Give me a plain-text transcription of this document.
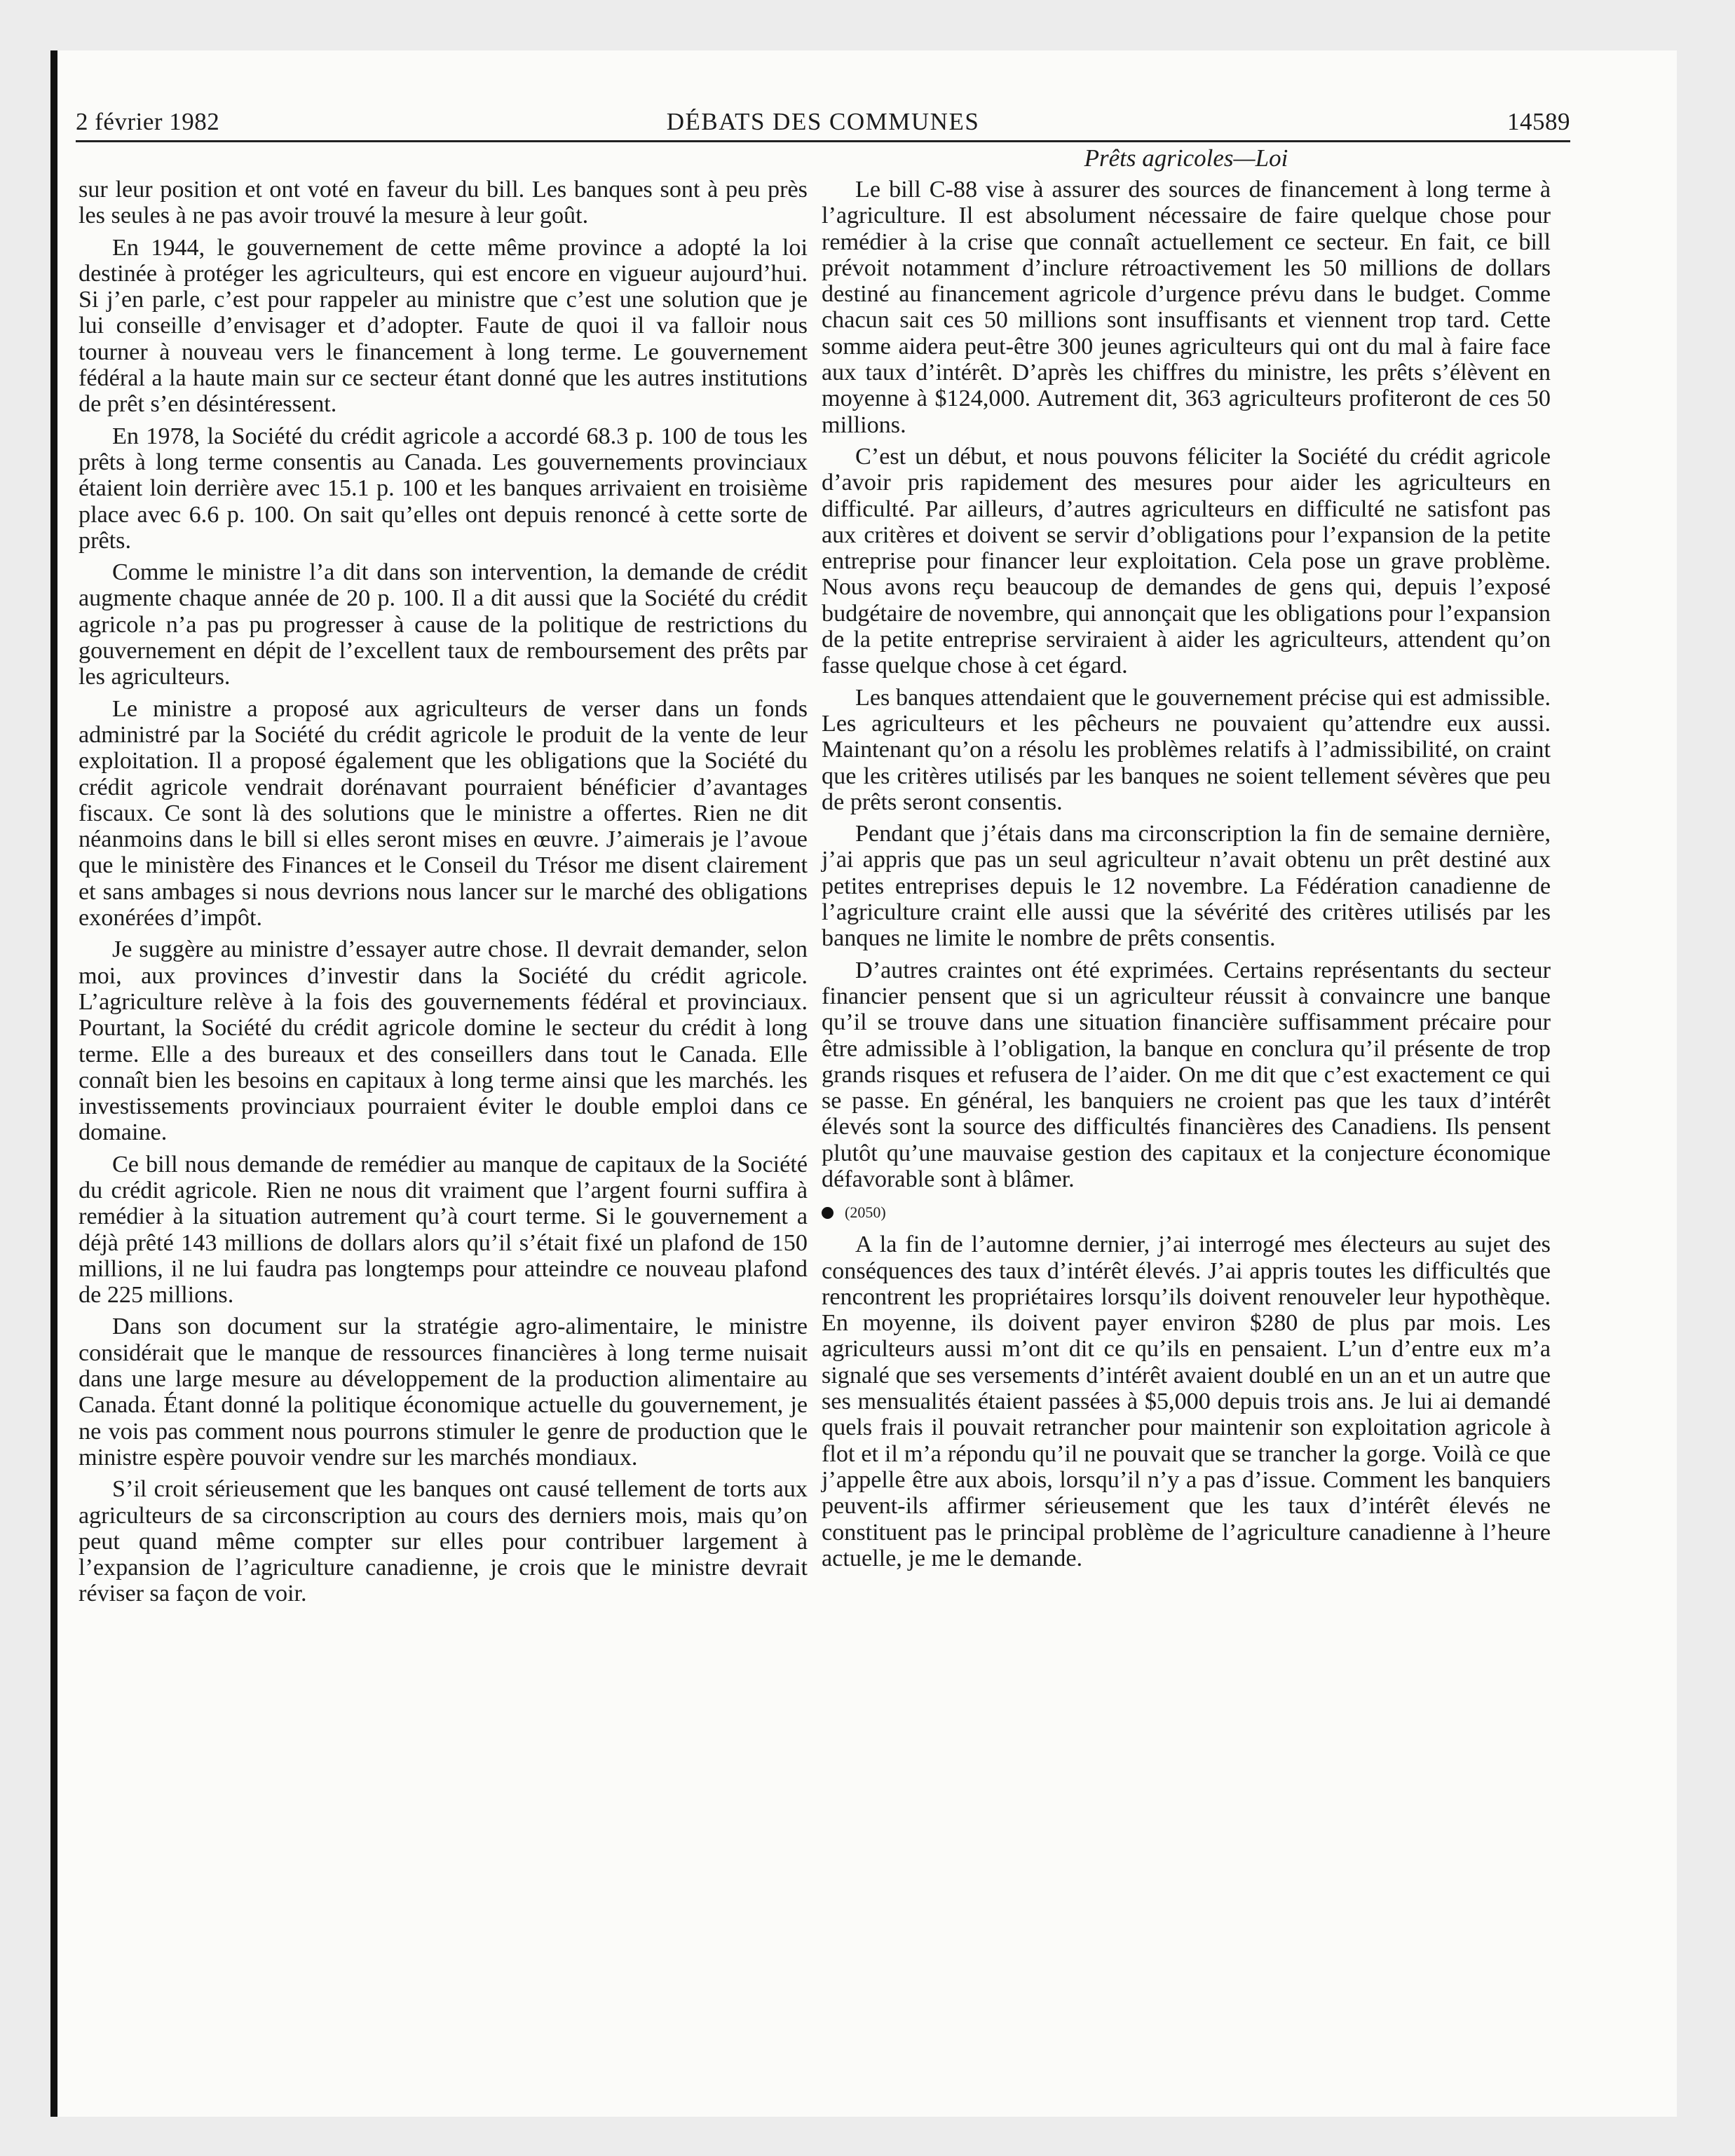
2 février 1982	DÉBATS DES COMMUNES	14589
Prêts agricoles—Loi

sur leur position et ont voté en faveur du bill. Les banques sont à peu près les seules à ne pas avoir trouvé la mesure à leur goût.

En 1944, le gouvernement de cette même province a adopté la loi destinée à protéger les agriculteurs, qui est encore en vigueur aujourd’hui. Si j’en parle, c’est pour rappeler au ministre que c’est une solution que je lui conseille d’envisager et d’adopter. Faute de quoi il va falloir nous tourner à nouveau vers le financement à long terme. Le gouvernement fédéral a la haute main sur ce secteur étant donné que les autres institutions de prêt s’en désintéressent.

En 1978, la Société du crédit agricole a accordé 68.3 p. 100 de tous les prêts à long terme consentis au Canada. Les gouvernements provinciaux étaient loin derrière avec 15.1 p. 100 et les banques arrivaient en troisième place avec 6.6 p. 100. On sait qu’elles ont depuis renoncé à cette sorte de prêts.

Comme le ministre l’a dit dans son intervention, la demande de crédit augmente chaque année de 20 p. 100. Il a dit aussi que la Société du crédit agricole n’a pas pu progresser à cause de la politique de restrictions du gouvernement en dépit de l’excellent taux de remboursement des prêts par les agriculteurs.

Le ministre a proposé aux agriculteurs de verser dans un fonds administré par la Société du crédit agricole le produit de la vente de leur exploitation. Il a proposé également que les obligations que la Société du crédit agricole vendrait dorénavant pourraient bénéficier d’avantages fiscaux. Ce sont là des solutions que le ministre a offertes. Rien ne dit néanmoins dans le bill si elles seront mises en œuvre. J’aimerais je l’avoue que le ministère des Finances et le Conseil du Trésor me disent clairement et sans ambages si nous devrions nous lancer sur le marché des obligations exonérées d’impôt.

Je suggère au ministre d’essayer autre chose. Il devrait demander, selon moi, aux provinces d’investir dans la Société du crédit agricole. L’agriculture relève à la fois des gouvernements fédéral et provinciaux. Pourtant, la Société du crédit agricole domine le secteur du crédit à long terme. Elle a des bureaux et des conseillers dans tout le Canada. Elle connaît bien les besoins en capitaux à long terme ainsi que les marchés. les investissements provinciaux pourraient éviter le double emploi dans ce domaine.

Ce bill nous demande de remédier au manque de capitaux de la Société du crédit agricole. Rien ne nous dit vraiment que l’argent fourni suffira à remédier à la situation autrement qu’à court terme. Si le gouvernement a déjà prêté 143 millions de dollars alors qu’il s’était fixé un plafond de 150 millions, il ne lui faudra pas longtemps pour atteindre ce nouveau plafond de 225 millions.

Dans son document sur la stratégie agro-alimentaire, le ministre considérait que le manque de ressources financières à long terme nuisait dans une large mesure au développement de la production alimentaire au Canada. Étant donné la politique économique actuelle du gouvernement, je ne vois pas comment nous pourrons stimuler le genre de production que le ministre espère pouvoir vendre sur les marchés mondiaux.

S’il croit sérieusement que les banques ont causé tellement de torts aux agriculteurs de sa circonscription au cours des derniers mois, mais qu’on peut quand même compter sur elles pour contribuer largement à l’expansion de l’agriculture canadienne, je crois que le ministre devrait réviser sa façon de voir.

Le bill C-88 vise à assurer des sources de financement à long terme à l’agriculture. Il est absolument nécessaire de faire quelque chose pour remédier à la crise que connaît actuellement ce secteur. En fait, ce bill prévoit notamment d’inclure rétroactivement les 50 millions de dollars destiné au financement agricole d’urgence prévu dans le budget. Comme chacun sait ces 50 millions sont insuffisants et viennent trop tard. Cette somme aidera peut-être 300 jeunes agriculteurs qui ont du mal à faire face aux taux d’intérêt. D’après les chiffres du ministre, les prêts s’élèvent en moyenne à $124,000. Autrement dit, 363 agriculteurs profiteront de ces 50 millions.

C’est un début, et nous pouvons féliciter la Société du crédit agricole d’avoir pris rapidement des mesures pour aider les agriculteurs en difficulté. Par ailleurs, d’autres agriculteurs en difficulté ne satisfont pas aux critères et doivent se servir d’obligations pour l’expansion de la petite entreprise pour financer leur exploitation. Cela pose un grave problème. Nous avons reçu beaucoup de demandes de gens qui, depuis l’exposé budgétaire de novembre, qui annonçait que les obligations pour l’expansion de la petite entreprise serviraient à aider les agriculteurs, attendent qu’on fasse quelque chose à cet égard.

Les banques attendaient que le gouvernement précise qui est admissible. Les agriculteurs et les pêcheurs ne pouvaient qu’attendre eux aussi. Maintenant qu’on a résolu les problèmes relatifs à l’admissibilité, on craint que les critères utilisés par les banques ne soient tellement sévères que peu de prêts seront consentis.

Pendant que j’étais dans ma circonscription la fin de semaine dernière, j’ai appris que pas un seul agriculteur n’avait obtenu un prêt destiné aux petites entreprises depuis le 12 novembre. La Fédération canadienne de l’agriculture craint elle aussi que la sévérité des critères utilisés par les banques ne limite le nombre de prêts consentis.

D’autres craintes ont été exprimées. Certains représentants du secteur financier pensent que si un agriculteur réussit à convaincre une banque qu’il se trouve dans une situation financière suffisamment précaire pour être admissible à l’obligation, la banque en conclura qu’il présente de trop grands risques et refusera de l’aider. On me dit que c’est exactement ce qui se passe. En général, les banquiers ne croient pas que les taux d’intérêt élevés sont la source des difficultés financières des Canadiens. Ils pensent plutôt qu’une mauvaise gestion des capitaux et la conjecture économique défavorable sont à blâmer.

(2050)

A la fin de l’automne dernier, j’ai interrogé mes électeurs au sujet des conséquences des taux d’intérêt élevés. J’ai appris toutes les difficultés que rencontrent les propriétaires lorsqu’ils doivent renouveler leur hypothèque. En moyenne, ils doivent payer environ $280 de plus par mois. Les agriculteurs aussi m’ont dit ce qu’ils en pensaient. L’un d’entre eux m’a signalé que ses versements d’intérêt avaient doublé en un an et un autre que ses mensualités étaient passées à $5,000 depuis trois ans. Je lui ai demandé quels frais il pouvait retrancher pour maintenir son exploitation agricole à flot et il m’a répondu qu’il ne pouvait que se trancher la gorge. Voilà ce que j’appelle être aux abois, lorsqu’il n’y a pas d’issue. Comment les banquiers peuvent-ils affirmer sérieusement que les taux d’intérêt élevés ne constituent pas le principal problème de l’agriculture canadienne à l’heure actuelle, je me le demande.
